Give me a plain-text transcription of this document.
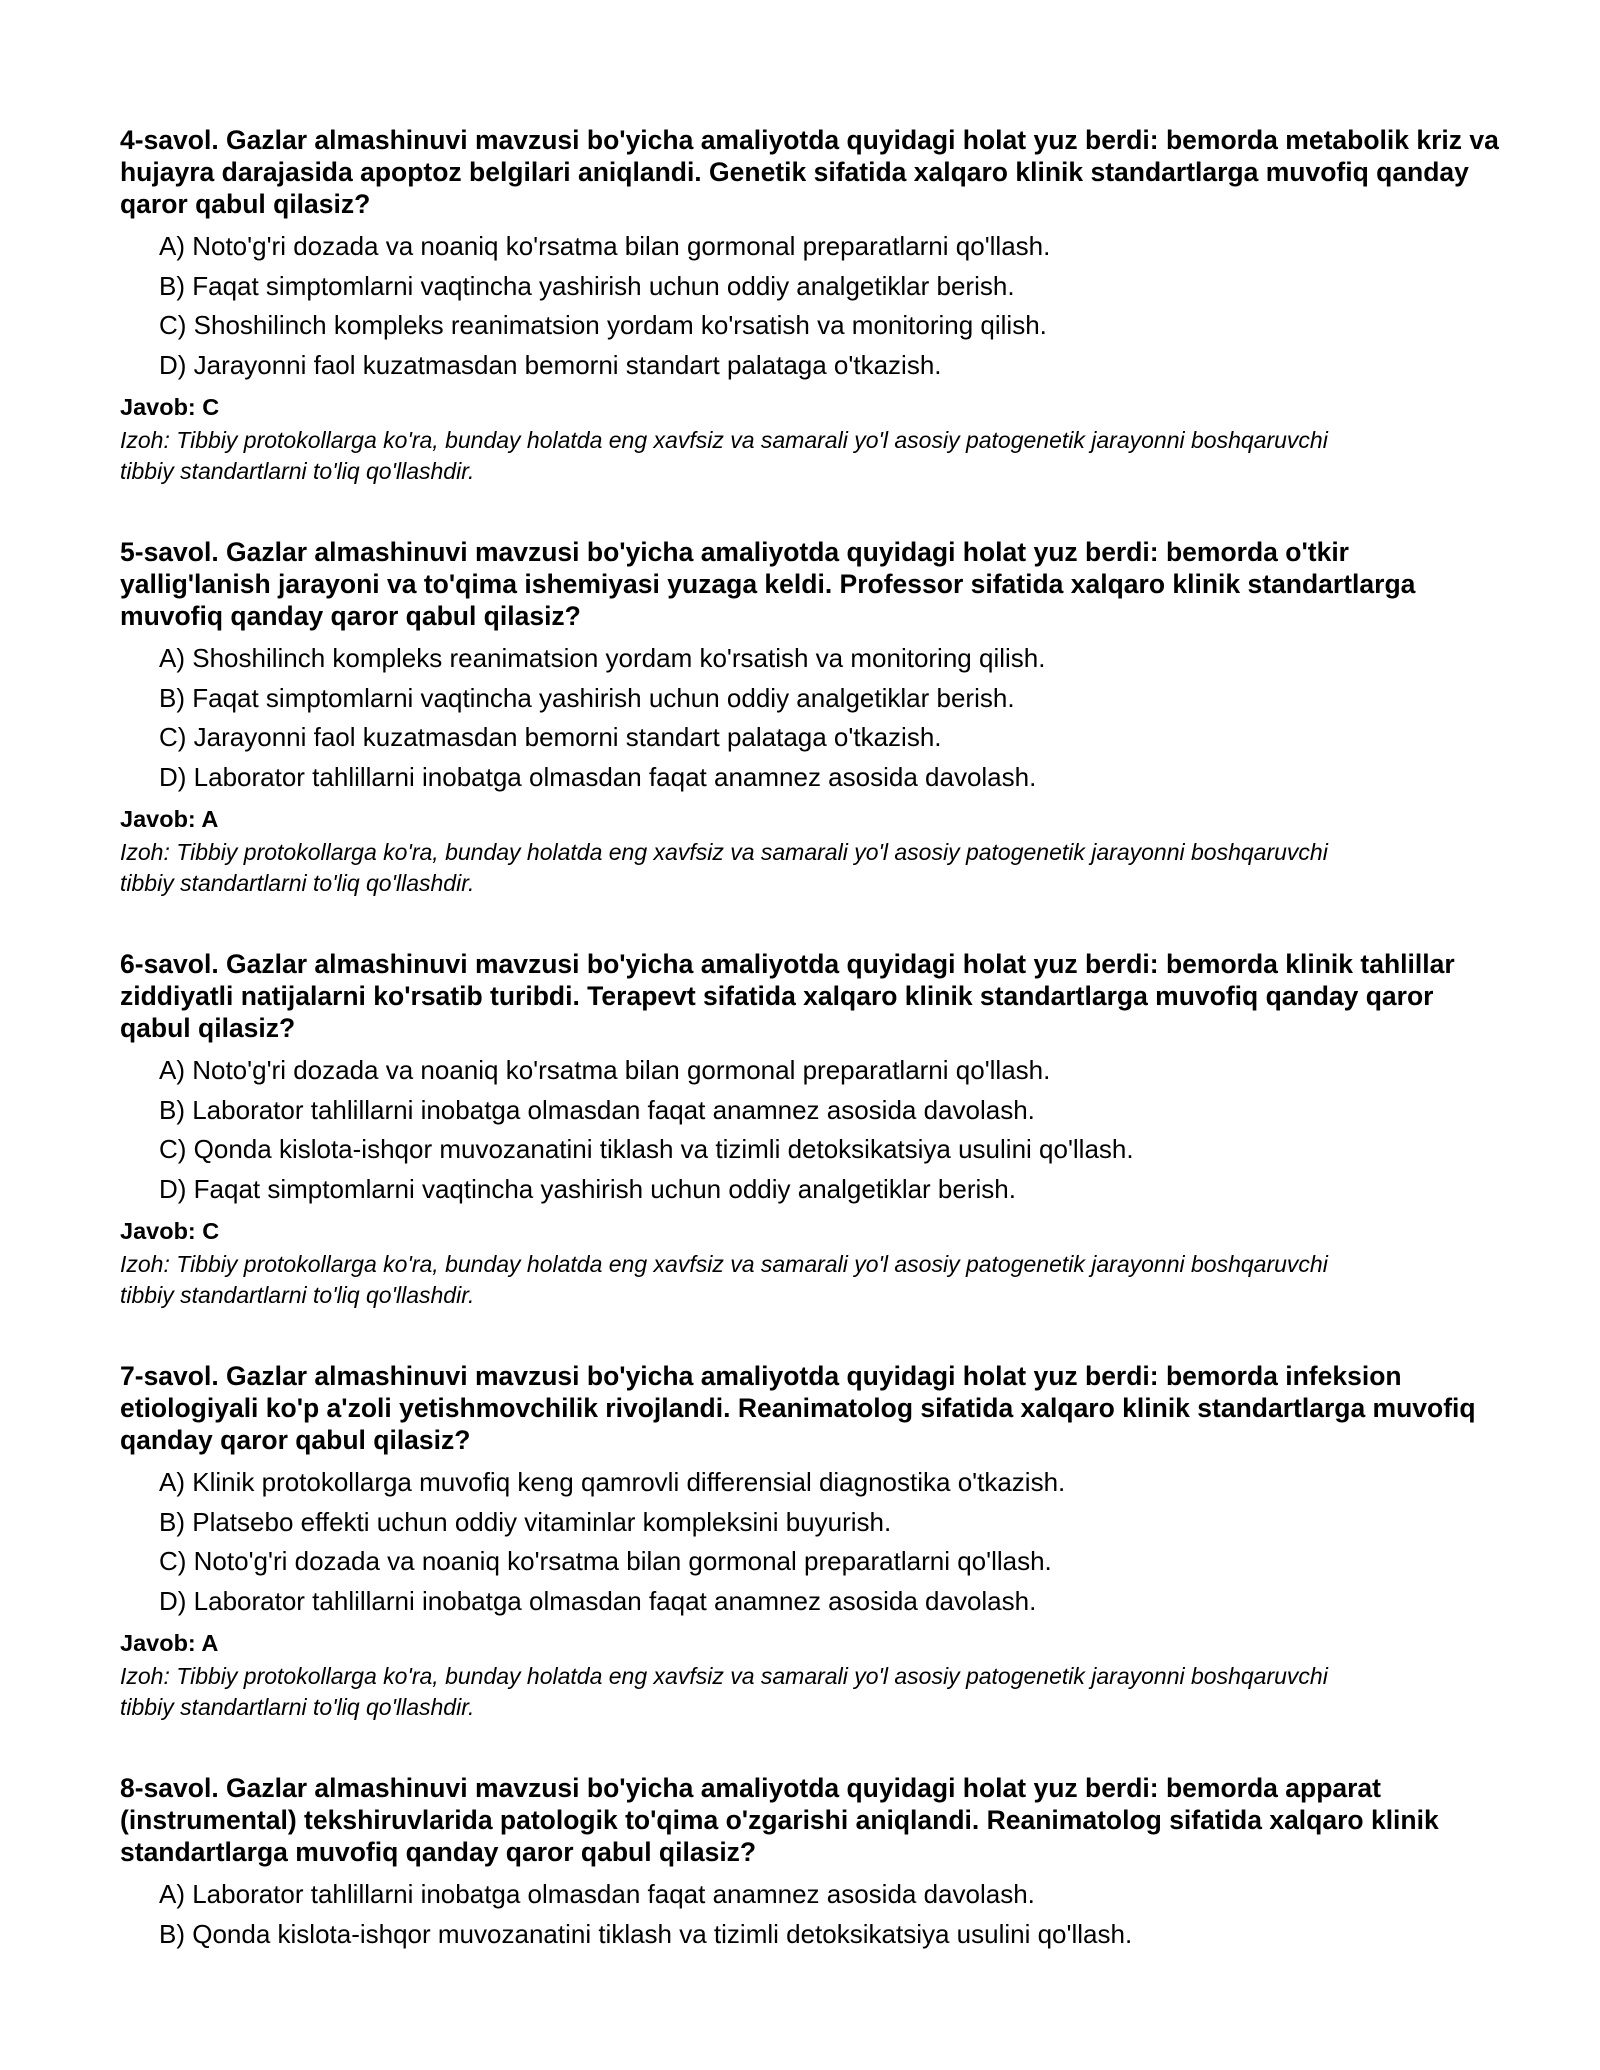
4-savol. Gazlar almashinuvi mavzusi bo'yicha amaliyotda quyidagi holat yuz berdi: bemorda metabolik kriz va hujayra darajasida apoptoz belgilari aniqlandi. Genetik sifatida xalqaro klinik standartlarga muvofiq qanday qaror qabul qilasiz?
A) Noto'g'ri dozada va noaniq ko'rsatma bilan gormonal preparatlarni qo'llash.
B) Faqat simptomlarni vaqtincha yashirish uchun oddiy analgetiklar berish.
C) Shoshilinch kompleks reanimatsion yordam ko'rsatish va monitoring qilish.
D) Jarayonni faol kuzatmasdan bemorni standart palataga o'tkazish.
Javob: C
Izoh: Tibbiy protokollarga ko'ra, bunday holatda eng xavfsiz va samarali yo'l asosiy patogenetik jarayonni boshqaruvchi tibbiy standartlarni to'liq qo'llashdir.
5-savol. Gazlar almashinuvi mavzusi bo'yicha amaliyotda quyidagi holat yuz berdi: bemorda o'tkir yallig'lanish jarayoni va to'qima ishemiyasi yuzaga keldi. Professor sifatida xalqaro klinik standartlarga muvofiq qanday qaror qabul qilasiz?
A) Shoshilinch kompleks reanimatsion yordam ko'rsatish va monitoring qilish.
B) Faqat simptomlarni vaqtincha yashirish uchun oddiy analgetiklar berish.
C) Jarayonni faol kuzatmasdan bemorni standart palataga o'tkazish.
D) Laborator tahlillarni inobatga olmasdan faqat anamnez asosida davolash.
Javob: A
Izoh: Tibbiy protokollarga ko'ra, bunday holatda eng xavfsiz va samarali yo'l asosiy patogenetik jarayonni boshqaruvchi tibbiy standartlarni to'liq qo'llashdir.
6-savol. Gazlar almashinuvi mavzusi bo'yicha amaliyotda quyidagi holat yuz berdi: bemorda klinik tahlillar ziddiyatli natijalarni ko'rsatib turibdi. Terapevt sifatida xalqaro klinik standartlarga muvofiq qanday qaror qabul qilasiz?
A) Noto'g'ri dozada va noaniq ko'rsatma bilan gormonal preparatlarni qo'llash.
B) Laborator tahlillarni inobatga olmasdan faqat anamnez asosida davolash.
C) Qonda kislota-ishqor muvozanatini tiklash va tizimli detoksikatsiya usulini qo'llash.
D) Faqat simptomlarni vaqtincha yashirish uchun oddiy analgetiklar berish.
Javob: C
Izoh: Tibbiy protokollarga ko'ra, bunday holatda eng xavfsiz va samarali yo'l asosiy patogenetik jarayonni boshqaruvchi tibbiy standartlarni to'liq qo'llashdir.
7-savol. Gazlar almashinuvi mavzusi bo'yicha amaliyotda quyidagi holat yuz berdi: bemorda infeksion etiologiyali ko'p a'zoli yetishmovchilik rivojlandi. Reanimatolog sifatida xalqaro klinik standartlarga muvofiq qanday qaror qabul qilasiz?
A) Klinik protokollarga muvofiq keng qamrovli differensial diagnostika o'tkazish.
B) Platsebo effekti uchun oddiy vitaminlar kompleksini buyurish.
C) Noto'g'ri dozada va noaniq ko'rsatma bilan gormonal preparatlarni qo'llash.
D) Laborator tahlillarni inobatga olmasdan faqat anamnez asosida davolash.
Javob: A
Izoh: Tibbiy protokollarga ko'ra, bunday holatda eng xavfsiz va samarali yo'l asosiy patogenetik jarayonni boshqaruvchi tibbiy standartlarni to'liq qo'llashdir.
8-savol. Gazlar almashinuvi mavzusi bo'yicha amaliyotda quyidagi holat yuz berdi: bemorda apparat (instrumental) tekshiruvlarida patologik to'qima o'zgarishi aniqlandi. Reanimatolog sifatida xalqaro klinik standartlarga muvofiq qanday qaror qabul qilasiz?
A) Laborator tahlillarni inobatga olmasdan faqat anamnez asosida davolash.
B) Qonda kislota-ishqor muvozanatini tiklash va tizimli detoksikatsiya usulini qo'llash.
